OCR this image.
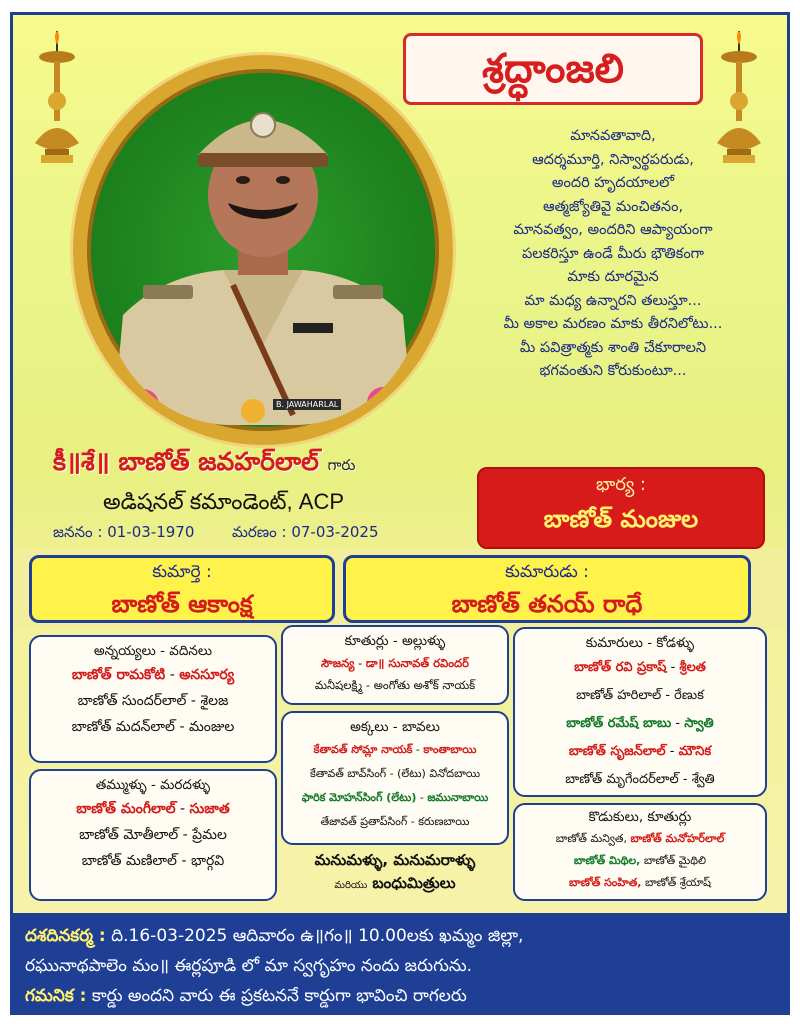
శ్రద్ధాంజలి
B. JAWAHARLAL
మానవతావాది,
ఆదర్శమూర్తి, నిస్వార్థపరుడు,
అందరి హృదయాలలో
ఆత్మజ్యోతివై మంచితనం,
మానవత్వం, అందరిని ఆప్యాయంగా
పలకరిస్తూ ఉండే మీరు భౌతికంగా
మాకు దూరమైన
మా మధ్య ఉన్నారని తలుస్తూ...
మీ అకాల మరణం మాకు తీరనిలోటు...
మీ పవిత్రాత్మకు శాంతి చేకూరాలని
భగవంతుని కోరుకుంటూ...
కీ॥శే॥ బాణోత్ జవహర్‌లాల్ గారు
అడిషనల్ కమాండెంట్, ACP
జననం : 01-03-1970	మరణం : 07-03-2025
భార్య :
బాణోత్ మంజుల
కుమార్తె :
బాణోత్ ఆకాంక్ష
కుమారుడు :
బాణోత్ తనయ్ రాధే
అన్నయ్యలు - వదినలు
బాణోత్ రామకోటి - అనసూర్య
బాణోత్ సుందర్‌లాల్ - శైలజ
బాణోత్ మదన్‌లాల్ - మంజుల
తమ్ముళ్ళు - మరదళ్ళు
బాణోత్ మంగీలాల్ - సుజాత
బాణోత్ మోతీలాల్ - ప్రేమల
బాణోత్ మణిలాల్ - భార్గవి
కూతుర్లు - అల్లుళ్ళు
సౌజన్య - డా॥ సునావత్ రవిందర్
మనీషలక్ష్మి - అంగోతు అశోక్ నాయక్
అక్కలు - బావలు
కేతావత్ సోమ్లా నాయక్ - కాంతాబాయి
కేతావత్ బావ్‌సింగ్ - (లేటు) వినోదబాయి
ఫారిక మోహన్‌సింగ్ (లేటు) - జమునాబాయి
తేజావత్ ప్రతాప్‌సింగ్ - కరుణబాయి
మనుమళ్ళు, మనుమరాళ్ళు
మరియు బంధుమిత్రులు
కుమారులు - కోడళ్ళు
బాణోత్ రవి ప్రకాష్ - శ్రీలత
బాణోత్ హరిలాల్ - రేణుక
బాణోత్ రమేష్ బాబు - స్వాతి
బాణోత్ సృజన్‌లాల్ - మౌనిక
బాణోత్ మృగేందర్‌లాల్ - శ్వేతి
కొడుకులు, కూతుర్లు
బాణోత్ మన్విత, బాణోత్ మనోహర్‌లాల్
బాణోత్ మిథిల, బాణోత్ మైథిలి
బాణోత్ సంహిత, బాణోత్ శ్రేయాష్
దశదినకర్మ : ది.16-03-2025 ఆదివారం ఉ॥గం॥ 10.00లకు ఖమ్మం జిల్లా,
రఘునాథపాలెం మం॥ ఈర్లపూడి లో మా స్వగృహం నందు జరుగును.
గమనిక : కార్డు అందని వారు ఈ ప్రకటననే కార్డుగా భావించి రాగలరు
